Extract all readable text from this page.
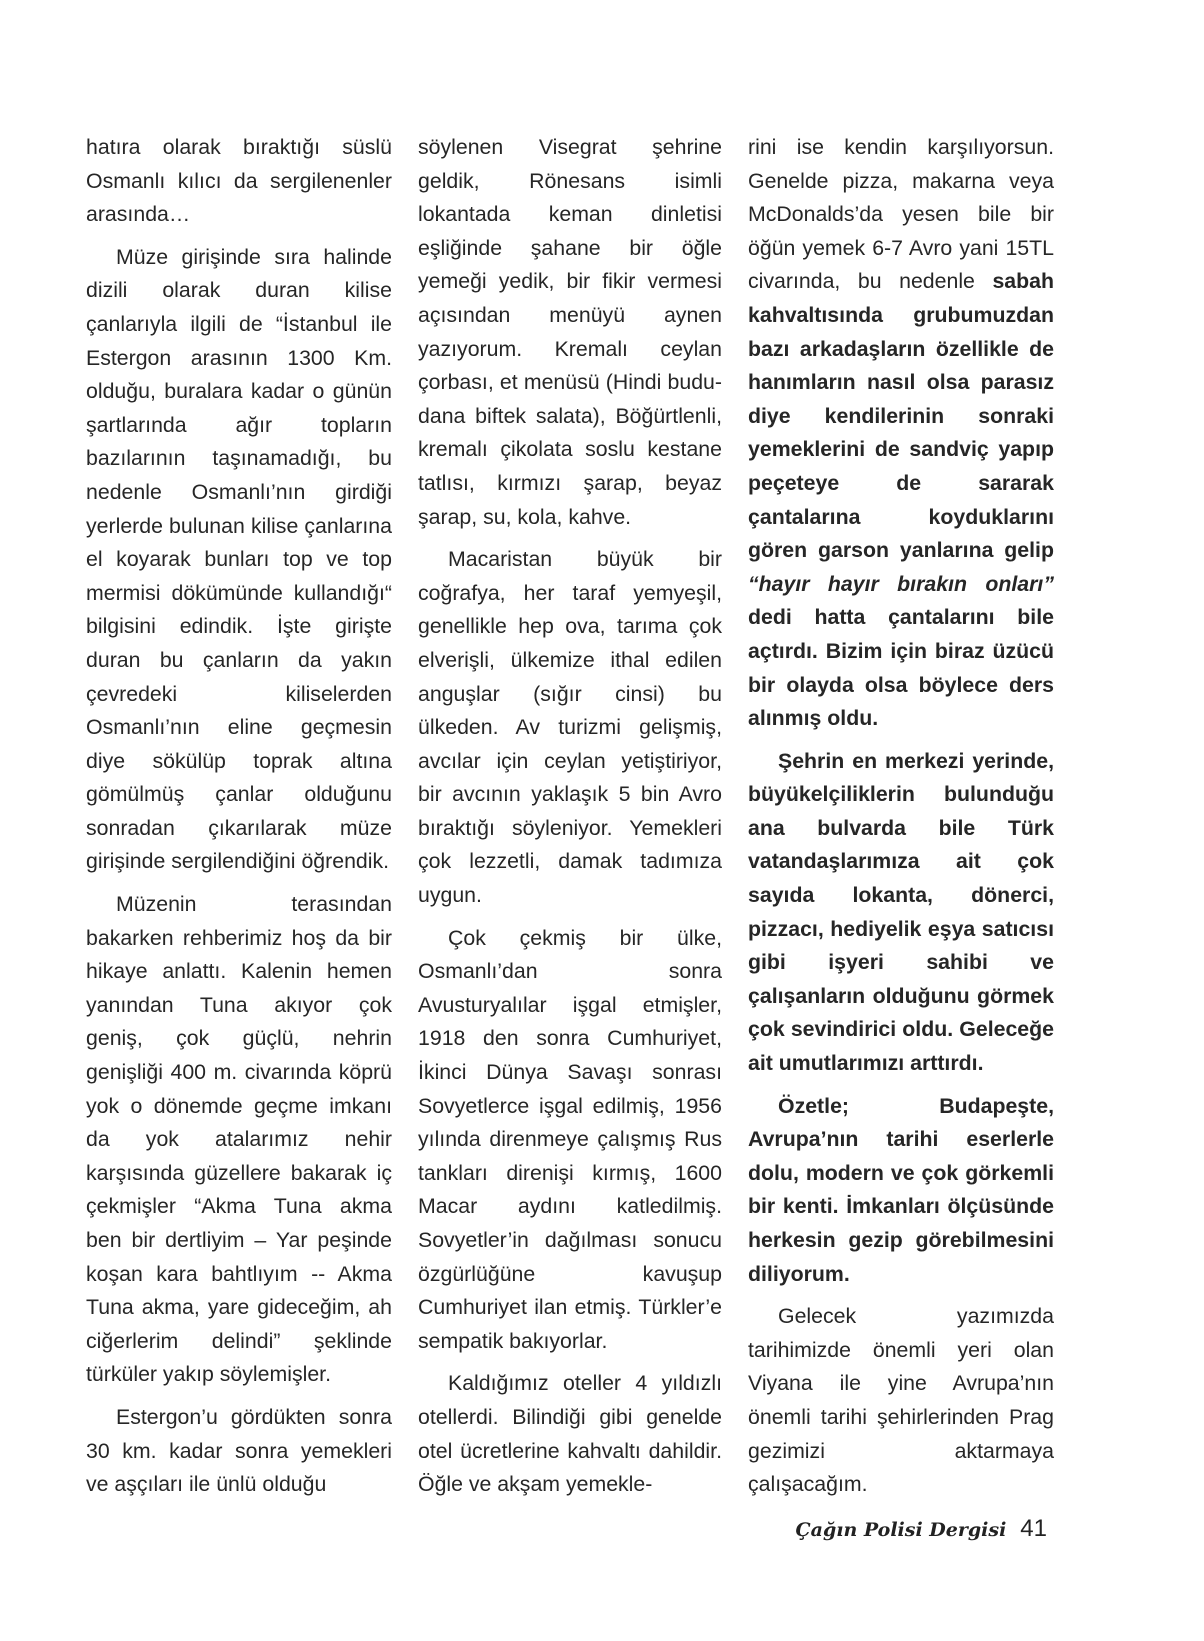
hatıra olarak bıraktığı süslü Osmanlı kılıcı da sergilenenler arasında…

Müze girişinde sıra halinde dizili olarak duran kilise çanlarıyla ilgili de “İstanbul ile Estergon arasının 1300 Km. olduğu, buralara kadar o günün şartlarında ağır topların bazılarının taşınamadığı, bu nedenle Osmanlı’nın girdiği yerlerde bulunan kilise çanlarına el koyarak bunları top ve top mermisi dökümünde kullandığı“ bilgisini edindik. İşte girişte duran bu çanların da yakın çevredeki kiliselerden Osmanlı’nın eline geçmesin diye sökülüp toprak altına gömülmüş çanlar olduğunu sonradan çıkarılarak müze girişinde sergilendiğini öğrendik.

Müzenin terasından bakarken rehberimiz hoş da bir hikaye anlattı. Kalenin hemen yanından Tuna akıyor çok geniş, çok güçlü, nehrin genişliği 400 m. civarında köprü yok o dönemde geçme imkanı da yok atalarımız nehir karşısında güzellere bakarak iç çekmişler “Akma Tuna akma ben bir dertliyim – Yar peşinde koşan kara bahtlıyım -- Akma Tuna akma, yare gideceğim, ah ciğerlerim delindi” şeklinde türküler yakıp söylemişler.

Estergon’u gördükten sonra 30 km. kadar sonra yemekleri ve aşçıları ile ünlü olduğu

söylenen Visegrat şehrine geldik, Rönesans isimli lokantada keman dinletisi eşliğinde şahane bir öğle yemeği yedik, bir fikir vermesi açısından menüyü aynen yazıyorum. Kremalı ceylan çorbası, et menüsü (Hindi budu-dana biftek salata), Böğürtlenli, kremalı çikolata soslu kestane tatlısı, kırmızı şarap, beyaz şarap, su, kola, kahve.

Macaristan büyük bir coğrafya, her taraf yemyeşil, genellikle hep ova, tarıma çok elverişli, ülkemize ithal edilen anguşlar (sığır cinsi) bu ülkeden. Av turizmi gelişmiş, avcılar için ceylan yetiştiriyor, bir avcının yaklaşık 5 bin Avro bıraktığı söyleniyor. Yemekleri çok lezzetli, damak tadımıza uygun.

Çok çekmiş bir ülke, Osmanlı’dan sonra Avusturyalılar işgal etmişler, 1918 den sonra Cumhuriyet, İkinci Dünya Savaşı sonrası Sovyetlerce işgal edilmiş, 1956 yılında direnmeye çalışmış Rus tankları direnişi kırmış, 1600 Macar aydını katledilmiş. Sovyetler’in dağılması sonucu özgürlüğüne kavuşup Cumhuriyet ilan etmiş. Türkler’e sempatik bakıyorlar.

Kaldığımız oteller 4 yıldızlı otellerdi. Bilindiği gibi genelde otel ücretlerine kahvaltı dahildir. Öğle ve akşam yemekle-

rini ise kendin karşılıyorsun. Genelde pizza, makarna veya McDonalds’da yesen bile bir öğün yemek 6-7 Avro yani 15TL civarında, bu nedenle sabah kahvaltısında grubumuzdan bazı arkadaşların özellikle de hanımların nasıl olsa parasız diye kendilerinin sonraki yemeklerini de sandviç yapıp peçeteye de sararak çantalarına koyduklarını gören garson yanlarına gelip “hayır hayır bırakın onları” dedi hatta çantalarını bile açtırdı. Bizim için biraz üzücü bir olayda olsa böylece ders alınmış oldu.

Şehrin en merkezi yerinde, büyükelçiliklerin bulunduğu ana bulvarda bile Türk vatandaşlarımıza ait çok sayıda lokanta, dönerci, pizzacı, hediyelik eşya satıcısı gibi işyeri sahibi ve çalışanların olduğunu görmek çok sevindirici oldu. Geleceğe ait umutlarımızı arttırdı.

Özetle; Budapeşte, Avrupa’nın tarihi eserlerle dolu, modern ve çok görkemli bir kenti. İmkanları ölçüsünde herkesin gezip görebilmesini diliyorum.

Gelecek yazımızda tarihimizde önemli yeri olan Viyana ile yine Avrupa’nın önemli tarihi şehirlerinden Prag gezimizi aktarmaya çalışacağım.

Çağın Polisi Dergisi 41
